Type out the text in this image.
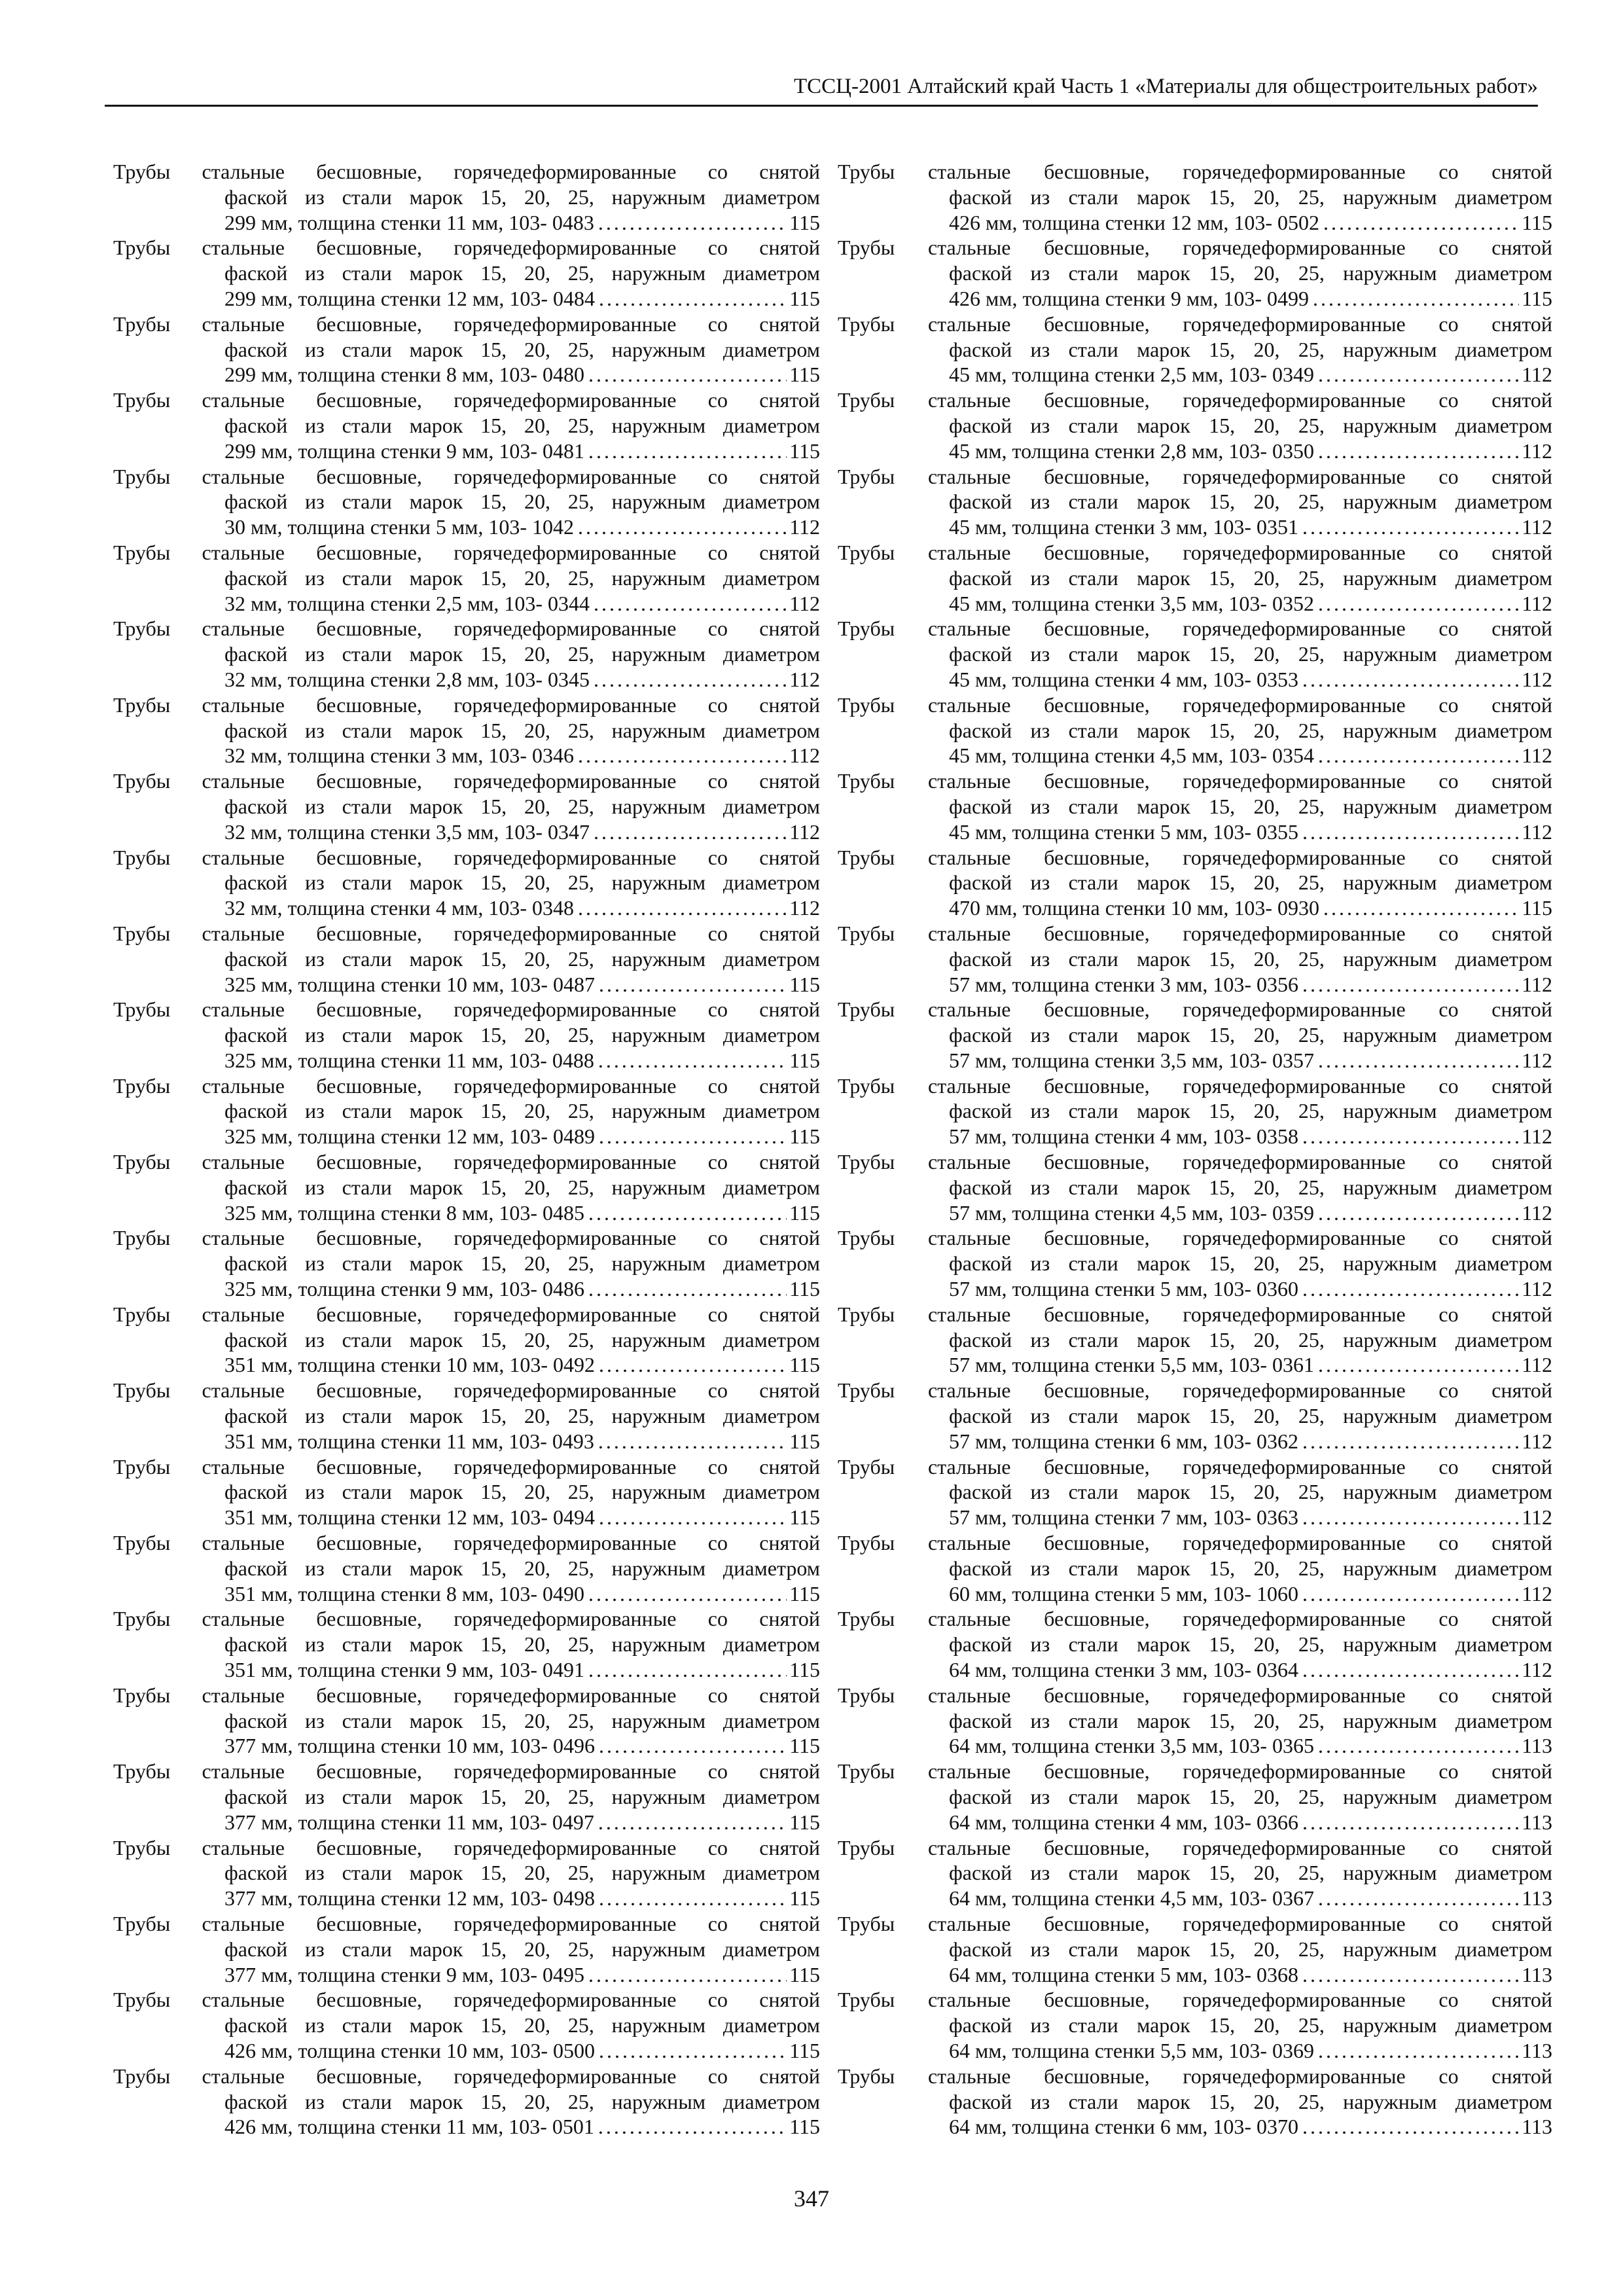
ТССЦ-2001 Алтайский край Часть 1 «Материалы для общестроительных работ»
Трубы стальные бесшовные, горячедеформированные со снятой
фаской из стали марок 15, 20, 25, наружным диаметром
299 мм, толщина стенки 11 мм, 103- 0483 . . .	115
Трубы стальные бесшовные, горячедеформированные со снятой
фаской из стали марок 15, 20, 25, наружным диаметром
299 мм, толщина стенки 12 мм, 103- 0484 . . .	115
Трубы стальные бесшовные, горячедеформированные со снятой
фаской из стали марок 15, 20, 25, наружным диаметром
299 мм, толщина стенки 8 мм, 103- 0480 . . .	115
Трубы стальные бесшовные, горячедеформированные со снятой
фаской из стали марок 15, 20, 25, наружным диаметром
299 мм, толщина стенки 9 мм, 103- 0481 . . .	115
Трубы стальные бесшовные, горячедеформированные со снятой
фаской из стали марок 15, 20, 25, наружным диаметром
30 мм, толщина стенки 5 мм, 103- 1042 . . .	112
Трубы стальные бесшовные, горячедеформированные со снятой
фаской из стали марок 15, 20, 25, наружным диаметром
32 мм, толщина стенки 2,5 мм, 103- 0344 . . .	112
Трубы стальные бесшовные, горячедеформированные со снятой
фаской из стали марок 15, 20, 25, наружным диаметром
32 мм, толщина стенки 2,8 мм, 103- 0345 . . .	112
Трубы стальные бесшовные, горячедеформированные со снятой
фаской из стали марок 15, 20, 25, наружным диаметром
32 мм, толщина стенки 3 мм, 103- 0346 . . .	112
Трубы стальные бесшовные, горячедеформированные со снятой
фаской из стали марок 15, 20, 25, наружным диаметром
32 мм, толщина стенки 3,5 мм, 103- 0347 . . .	112
Трубы стальные бесшовные, горячедеформированные со снятой
фаской из стали марок 15, 20, 25, наружным диаметром
32 мм, толщина стенки 4 мм, 103- 0348 . . .	112
Трубы стальные бесшовные, горячедеформированные со снятой
фаской из стали марок 15, 20, 25, наружным диаметром
325 мм, толщина стенки 10 мм, 103- 0487 . . .	115
Трубы стальные бесшовные, горячедеформированные со снятой
фаской из стали марок 15, 20, 25, наружным диаметром
325 мм, толщина стенки 11 мм, 103- 0488 . . .	115
Трубы стальные бесшовные, горячедеформированные со снятой
фаской из стали марок 15, 20, 25, наружным диаметром
325 мм, толщина стенки 12 мм, 103- 0489 . . .	115
Трубы стальные бесшовные, горячедеформированные со снятой
фаской из стали марок 15, 20, 25, наружным диаметром
325 мм, толщина стенки 8 мм, 103- 0485 . . .	115
Трубы стальные бесшовные, горячедеформированные со снятой
фаской из стали марок 15, 20, 25, наружным диаметром
325 мм, толщина стенки 9 мм, 103- 0486 . . .	115
Трубы стальные бесшовные, горячедеформированные со снятой
фаской из стали марок 15, 20, 25, наружным диаметром
351 мм, толщина стенки 10 мм, 103- 0492 . . .	115
Трубы стальные бесшовные, горячедеформированные со снятой
фаской из стали марок 15, 20, 25, наружным диаметром
351 мм, толщина стенки 11 мм, 103- 0493 . . .	115
Трубы стальные бесшовные, горячедеформированные со снятой
фаской из стали марок 15, 20, 25, наружным диаметром
351 мм, толщина стенки 12 мм, 103- 0494 . . .	115
Трубы стальные бесшовные, горячедеформированные со снятой
фаской из стали марок 15, 20, 25, наружным диаметром
351 мм, толщина стенки 8 мм, 103- 0490 . . .	115
Трубы стальные бесшовные, горячедеформированные со снятой
фаской из стали марок 15, 20, 25, наружным диаметром
351 мм, толщина стенки 9 мм, 103- 0491 . . .	115
Трубы стальные бесшовные, горячедеформированные со снятой
фаской из стали марок 15, 20, 25, наружным диаметром
377 мм, толщина стенки 10 мм, 103- 0496 . . .	115
Трубы стальные бесшовные, горячедеформированные со снятой
фаской из стали марок 15, 20, 25, наружным диаметром
377 мм, толщина стенки 11 мм, 103- 0497 . . .	115
Трубы стальные бесшовные, горячедеформированные со снятой
фаской из стали марок 15, 20, 25, наружным диаметром
377 мм, толщина стенки 12 мм, 103- 0498 . . .	115
Трубы стальные бесшовные, горячедеформированные со снятой
фаской из стали марок 15, 20, 25, наружным диаметром
377 мм, толщина стенки 9 мм, 103- 0495 . . .	115
Трубы стальные бесшовные, горячедеформированные со снятой
фаской из стали марок 15, 20, 25, наружным диаметром
426 мм, толщина стенки 10 мм, 103- 0500 . . .	115
Трубы стальные бесшовные, горячедеформированные со снятой
фаской из стали марок 15, 20, 25, наружным диаметром
426 мм, толщина стенки 11 мм, 103- 0501 . . .	115
Трубы стальные бесшовные, горячедеформированные со снятой
фаской из стали марок 15, 20, 25, наружным диаметром
426 мм, толщина стенки 12 мм, 103- 0502 . . .	115
Трубы стальные бесшовные, горячедеформированные со снятой
фаской из стали марок 15, 20, 25, наружным диаметром
426 мм, толщина стенки 9 мм, 103- 0499 . . .	115
Трубы стальные бесшовные, горячедеформированные со снятой
фаской из стали марок 15, 20, 25, наружным диаметром
45 мм, толщина стенки 2,5 мм, 103- 0349 . . .	112
Трубы стальные бесшовные, горячедеформированные со снятой
фаской из стали марок 15, 20, 25, наружным диаметром
45 мм, толщина стенки 2,8 мм, 103- 0350 . . .	112
Трубы стальные бесшовные, горячедеформированные со снятой
фаской из стали марок 15, 20, 25, наружным диаметром
45 мм, толщина стенки 3 мм, 103- 0351 . . .	112
Трубы стальные бесшовные, горячедеформированные со снятой
фаской из стали марок 15, 20, 25, наружным диаметром
45 мм, толщина стенки 3,5 мм, 103- 0352 . . .	112
Трубы стальные бесшовные, горячедеформированные со снятой
фаской из стали марок 15, 20, 25, наружным диаметром
45 мм, толщина стенки 4 мм, 103- 0353 . . .	112
Трубы стальные бесшовные, горячедеформированные со снятой
фаской из стали марок 15, 20, 25, наружным диаметром
45 мм, толщина стенки 4,5 мм, 103- 0354 . . .	112
Трубы стальные бесшовные, горячедеформированные со снятой
фаской из стали марок 15, 20, 25, наружным диаметром
45 мм, толщина стенки 5 мм, 103- 0355 . . .	112
Трубы стальные бесшовные, горячедеформированные со снятой
фаской из стали марок 15, 20, 25, наружным диаметром
470 мм, толщина стенки 10 мм, 103- 0930 . . .	115
Трубы стальные бесшовные, горячедеформированные со снятой
фаской из стали марок 15, 20, 25, наружным диаметром
57 мм, толщина стенки 3 мм, 103- 0356 . . .	112
Трубы стальные бесшовные, горячедеформированные со снятой
фаской из стали марок 15, 20, 25, наружным диаметром
57 мм, толщина стенки 3,5 мм, 103- 0357 . . .	112
Трубы стальные бесшовные, горячедеформированные со снятой
фаской из стали марок 15, 20, 25, наружным диаметром
57 мм, толщина стенки 4 мм, 103- 0358 . . .	112
Трубы стальные бесшовные, горячедеформированные со снятой
фаской из стали марок 15, 20, 25, наружным диаметром
57 мм, толщина стенки 4,5 мм, 103- 0359 . . .	112
Трубы стальные бесшовные, горячедеформированные со снятой
фаской из стали марок 15, 20, 25, наружным диаметром
57 мм, толщина стенки 5 мм, 103- 0360 . . .	112
Трубы стальные бесшовные, горячедеформированные со снятой
фаской из стали марок 15, 20, 25, наружным диаметром
57 мм, толщина стенки 5,5 мм, 103- 0361 . . .	112
Трубы стальные бесшовные, горячедеформированные со снятой
фаской из стали марок 15, 20, 25, наружным диаметром
57 мм, толщина стенки 6 мм, 103- 0362 . . .	112
Трубы стальные бесшовные, горячедеформированные со снятой
фаской из стали марок 15, 20, 25, наружным диаметром
57 мм, толщина стенки 7 мм, 103- 0363 . . .	112
Трубы стальные бесшовные, горячедеформированные со снятой
фаской из стали марок 15, 20, 25, наружным диаметром
60 мм, толщина стенки 5 мм, 103- 1060 . . .	112
Трубы стальные бесшовные, горячедеформированные со снятой
фаской из стали марок 15, 20, 25, наружным диаметром
64 мм, толщина стенки 3 мм, 103- 0364 . . .	112
Трубы стальные бесшовные, горячедеформированные со снятой
фаской из стали марок 15, 20, 25, наружным диаметром
64 мм, толщина стенки 3,5 мм, 103- 0365 . . .	113
Трубы стальные бесшовные, горячедеформированные со снятой
фаской из стали марок 15, 20, 25, наружным диаметром
64 мм, толщина стенки 4 мм, 103- 0366 . . .	113
Трубы стальные бесшовные, горячедеформированные со снятой
фаской из стали марок 15, 20, 25, наружным диаметром
64 мм, толщина стенки 4,5 мм, 103- 0367 . . .	113
Трубы стальные бесшовные, горячедеформированные со снятой
фаской из стали марок 15, 20, 25, наружным диаметром
64 мм, толщина стенки 5 мм, 103- 0368 . . .	113
Трубы стальные бесшовные, горячедеформированные со снятой
фаской из стали марок 15, 20, 25, наружным диаметром
64 мм, толщина стенки 5,5 мм, 103- 0369 . . .	113
Трубы стальные бесшовные, горячедеформированные со снятой
фаской из стали марок 15, 20, 25, наружным диаметром
64 мм, толщина стенки 6 мм, 103- 0370 . . .	113
347
